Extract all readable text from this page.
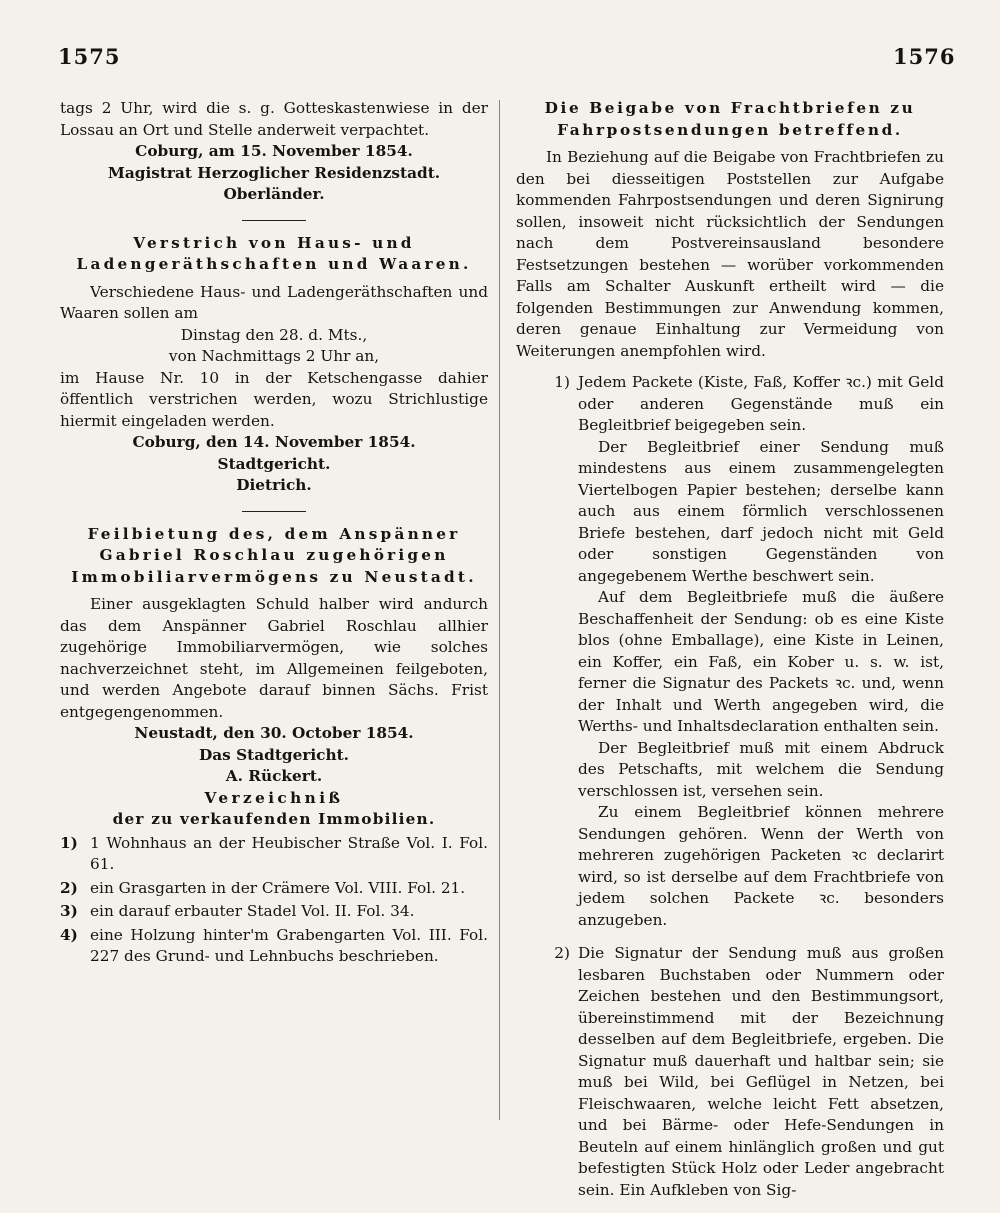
1575	1576

tags 2 Uhr, wird die s. g. Gotteskastenwiese in der Lossau an Ort und Stelle anderweit verpachtet.

Coburg, am 15. November 1854.

Magistrat Herzoglicher Residenzstadt.

Oberländer.

Verstrich von Haus- und Ladengeräthschaften und Waaren.

Verschiedene Haus- und Ladengeräthschaften und Waaren sollen am

Dinstag den 28. d. Mts.,

von Nachmittags 2 Uhr an,

im Hause Nr. 10 in der Ketschengasse dahier öffentlich verstrichen werden, wozu Strichlustige hiermit eingeladen werden.

Coburg, den 14. November 1854.

Stadtgericht.

Dietrich.

Feilbietung des, dem Anspänner Gabriel Roschlau zugehörigen Immobiliarvermögens zu Neustadt.

Einer ausgeklagten Schuld halber wird andurch das dem Anspänner Gabriel Roschlau allhier zugehörige Immobiliarvermögen, wie solches nachverzeichnet steht, im Allgemeinen feilgeboten, und werden Angebote darauf binnen Sächs. Frist entgegengenommen.

Neustadt, den 30. October 1854.

Das Stadtgericht.

A. Rückert.

Verzeichniß

der zu verkaufenden Immobilien.

1) 1 Wohnhaus an der Heubischer Straße Vol. I. Fol. 61.
2) ein Grasgarten in der Crämere Vol. VIII. Fol. 21.
3) ein darauf erbauter Stadel Vol. II. Fol. 34.
4) eine Holzung hinter'm Grabengarten Vol. III. Fol. 227 des Grund- und Lehnbuchs beschrieben.

Die Beigabe von Frachtbriefen zu Fahrpostsendungen betreffend.

In Beziehung auf die Beigabe von Frachtbriefen zu den bei diesseitigen Poststellen zur Aufgabe kommenden Fahrpostsendungen und deren Signirung sollen, insoweit nicht rücksichtlich der Sendungen nach dem Postvereinsausland besondere Festsetzungen bestehen — worüber vorkommenden Falls am Schalter Auskunft ertheilt wird — die folgenden Bestimmungen zur Anwendung kommen, deren genaue Einhaltung zur Vermeidung von Weiterungen anempfohlen wird.

1) Jedem Packete (Kiste, Faß, Koffer ꝛc.) mit Geld oder anderen Gegenstände muß ein Begleitbrief beigegeben sein.

Der Begleitbrief einer Sendung muß mindestens aus einem zusammengelegten Viertelbogen Papier bestehen; derselbe kann auch aus einem förmlich verschlossenen Briefe bestehen, darf jedoch nicht mit Geld oder sonstigen Gegenständen von angegebenem Werthe beschwert sein.

Auf dem Begleitbriefe muß die äußere Beschaffenheit der Sendung: ob es eine Kiste blos (ohne Emballage), eine Kiste in Leinen, ein Koffer, ein Faß, ein Kober u. s. w. ist, ferner die Signatur des Packets ꝛc. und, wenn der Inhalt und Werth angegeben wird, die Werths- und Inhaltsdeclaration enthalten sein.

Der Begleitbrief muß mit einem Abdruck des Petschafts, mit welchem die Sendung verschlossen ist, versehen sein.

Zu einem Begleitbrief können mehrere Sendungen gehören. Wenn der Werth von mehreren zugehörigen Packeten ꝛc declarirt wird, so ist derselbe auf dem Frachtbriefe von jedem solchen Packete ꝛc. besonders anzugeben.

2) Die Signatur der Sendung muß aus großen lesbaren Buchstaben oder Nummern oder Zeichen bestehen und den Bestimmungsort, übereinstimmend mit der Bezeichnung desselben auf dem Begleitbriefe, ergeben. Die Signatur muß dauerhaft und haltbar sein; sie muß bei Wild, bei Geflügel in Netzen, bei Fleischwaaren, welche leicht Fett absetzen, und bei Bärme- oder Hefe-Sendungen in Beuteln auf einem hinlänglich großen und gut befestigten Stück Holz oder Leder angebracht sein. Ein Aufkleben von Sig-
